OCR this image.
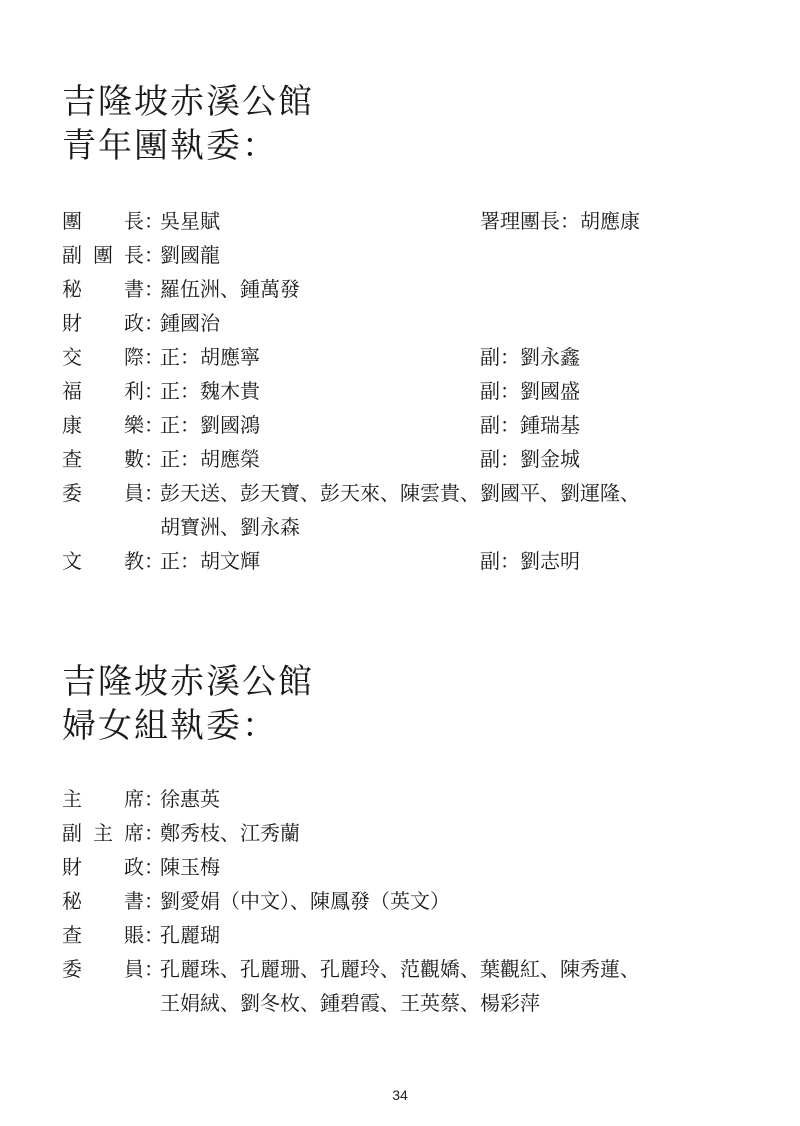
吉隆坡赤溪公館
青年團執委：
團 長 ：
吳星賦	署理團長：胡應康
副 團 長 ：
劉國龍
秘 書 ：
羅伍洲、鍾萬發
財 政 ：
鍾國治
交 際 ：
正：胡應寧	副：劉永鑫
福 利 ：
正：魏木貴	副：劉國盛
康 樂 ：
正：劉國鴻	副：鍾瑞基
查 數 ：
正：胡應榮	副：劉金城
委 員 ：
彭天送、彭天寶、彭天來、陳雲貴、劉國平、劉運隆、
胡寶洲、劉永森
文 教 ：
正：胡文輝	副：劉志明
吉隆坡赤溪公館
婦女組執委：
主 席 ：
徐惠英
副 主 席 ：
鄭秀枝、江秀蘭
財 政 ：
陳玉梅
秘 書 ：
劉愛娟（中文）、陳鳳發（英文）
查 賬 ：
孔麗瑚
委 員 ：
孔麗珠、孔麗珊、孔麗玲、范觀嬌、葉觀紅、陳秀蓮、
王娟絨、劉冬枚、鍾碧霞、王英蔡、楊彩萍
34
